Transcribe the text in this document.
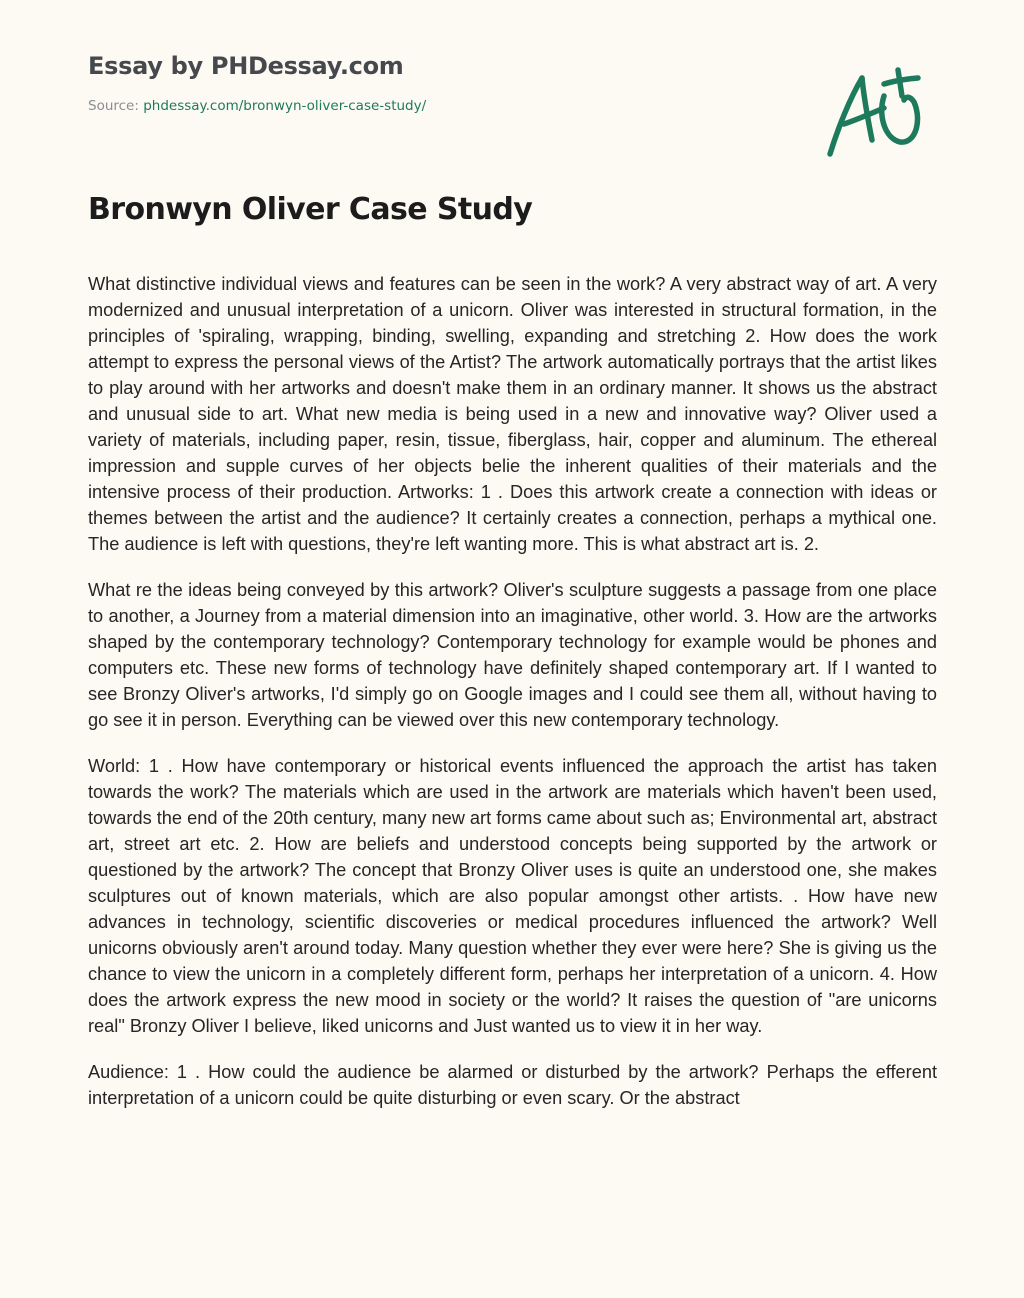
Essay by PHDessay.com
Source: phdessay.com/bronwyn-oliver-case-study/
Bronwyn Oliver Case Study

What distinctive individual views and features can be seen in the work? A very abstract way of art. A very modernized and unusual interpretation of a unicorn. Oliver was interested in structural formation, in the principles of 'spiraling, wrapping, binding, swelling, expanding and stretching 2. How does the work attempt to express the personal views of the Artist? The artwork automatically portrays that the artist likes to play around with her artworks and doesn't make them in an ordinary manner. It shows us the abstract and unusual side to art. What new media is being used in a new and innovative way? Oliver used a variety of materials, including paper, resin, tissue, fiberglass, hair, copper and aluminum. The ethereal impression and supple curves of her objects belie the inherent qualities of their materials and the intensive process of their production. Artworks: 1 . Does this artwork create a connection with ideas or themes between the artist and the audience? It certainly creates a connection, perhaps a mythical one. The audience is left with questions, they're left wanting more. This is what abstract art is. 2.

What re the ideas being conveyed by this artwork? Oliver's sculpture suggests a passage from one place to another, a Journey from a material dimension into an imaginative, other world. 3. How are the artworks shaped by the contemporary technology? Contemporary technology for example would be phones and computers etc. These new forms of technology have definitely shaped contemporary art. If I wanted to see Bronzy Oliver's artworks, I'd simply go on Google images and I could see them all, without having to go see it in person. Everything can be viewed over this new contemporary technology.

World: 1 . How have contemporary or historical events influenced the approach the artist has taken towards the work? The materials which are used in the artwork are materials which haven't been used, towards the end of the 20th century, many new art forms came about such as; Environmental art, abstract art, street art etc. 2. How are beliefs and understood concepts being supported by the artwork or questioned by the artwork? The concept that Bronzy Oliver uses is quite an understood one, she makes sculptures out of known materials, which are also popular amongst other artists. . How have new advances in technology, scientific discoveries or medical procedures influenced the artwork? Well unicorns obviously aren't around today. Many question whether they ever were here? She is giving us the chance to view the unicorn in a completely different form, perhaps her interpretation of a unicorn. 4. How does the artwork express the new mood in society or the world? It raises the question of "are unicorns real" Bronzy Oliver I believe, liked unicorns and Just wanted us to view it in her way.

Audience: 1 . How could the audience be alarmed or disturbed by the artwork? Perhaps the efferent interpretation of a unicorn could be quite disturbing or even scary. Or the abstract
